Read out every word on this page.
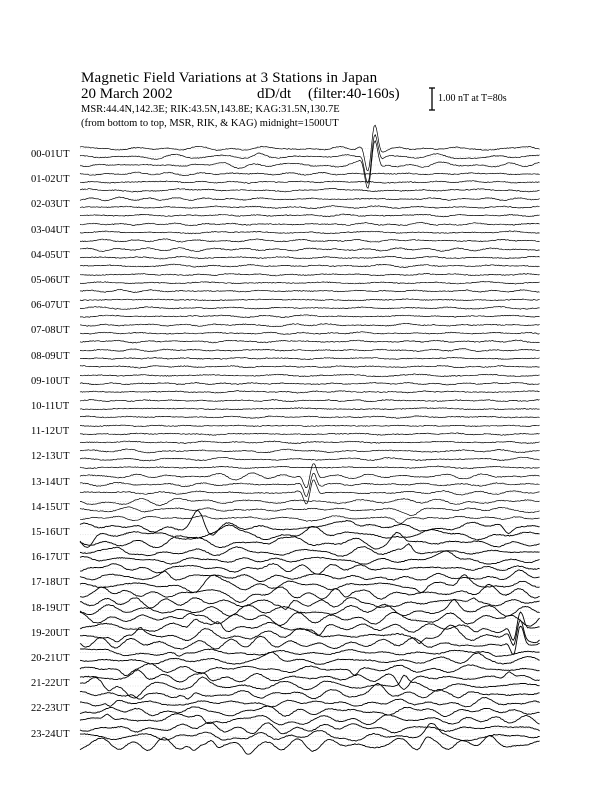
Magnetic Field Variations at 3 Stations in Japan
20 March 2002	dD/dt (filter:40-160s)
MSR:44.4N,142.3E; RIK:43.5N,143.8E; KAG:31.5N,130.7E
(from bottom to top, MSR, RIK, & KAG) midnight=1500UT
1.00 nT at T=80s
00-01UT
01-02UT
02-03UT
03-04UT
04-05UT
05-06UT
06-07UT
07-08UT
08-09UT
09-10UT
10-11UT
11-12UT
12-13UT
13-14UT
14-15UT
15-16UT
16-17UT
17-18UT
18-19UT
19-20UT
20-21UT
21-22UT
22-23UT
23-24UT
